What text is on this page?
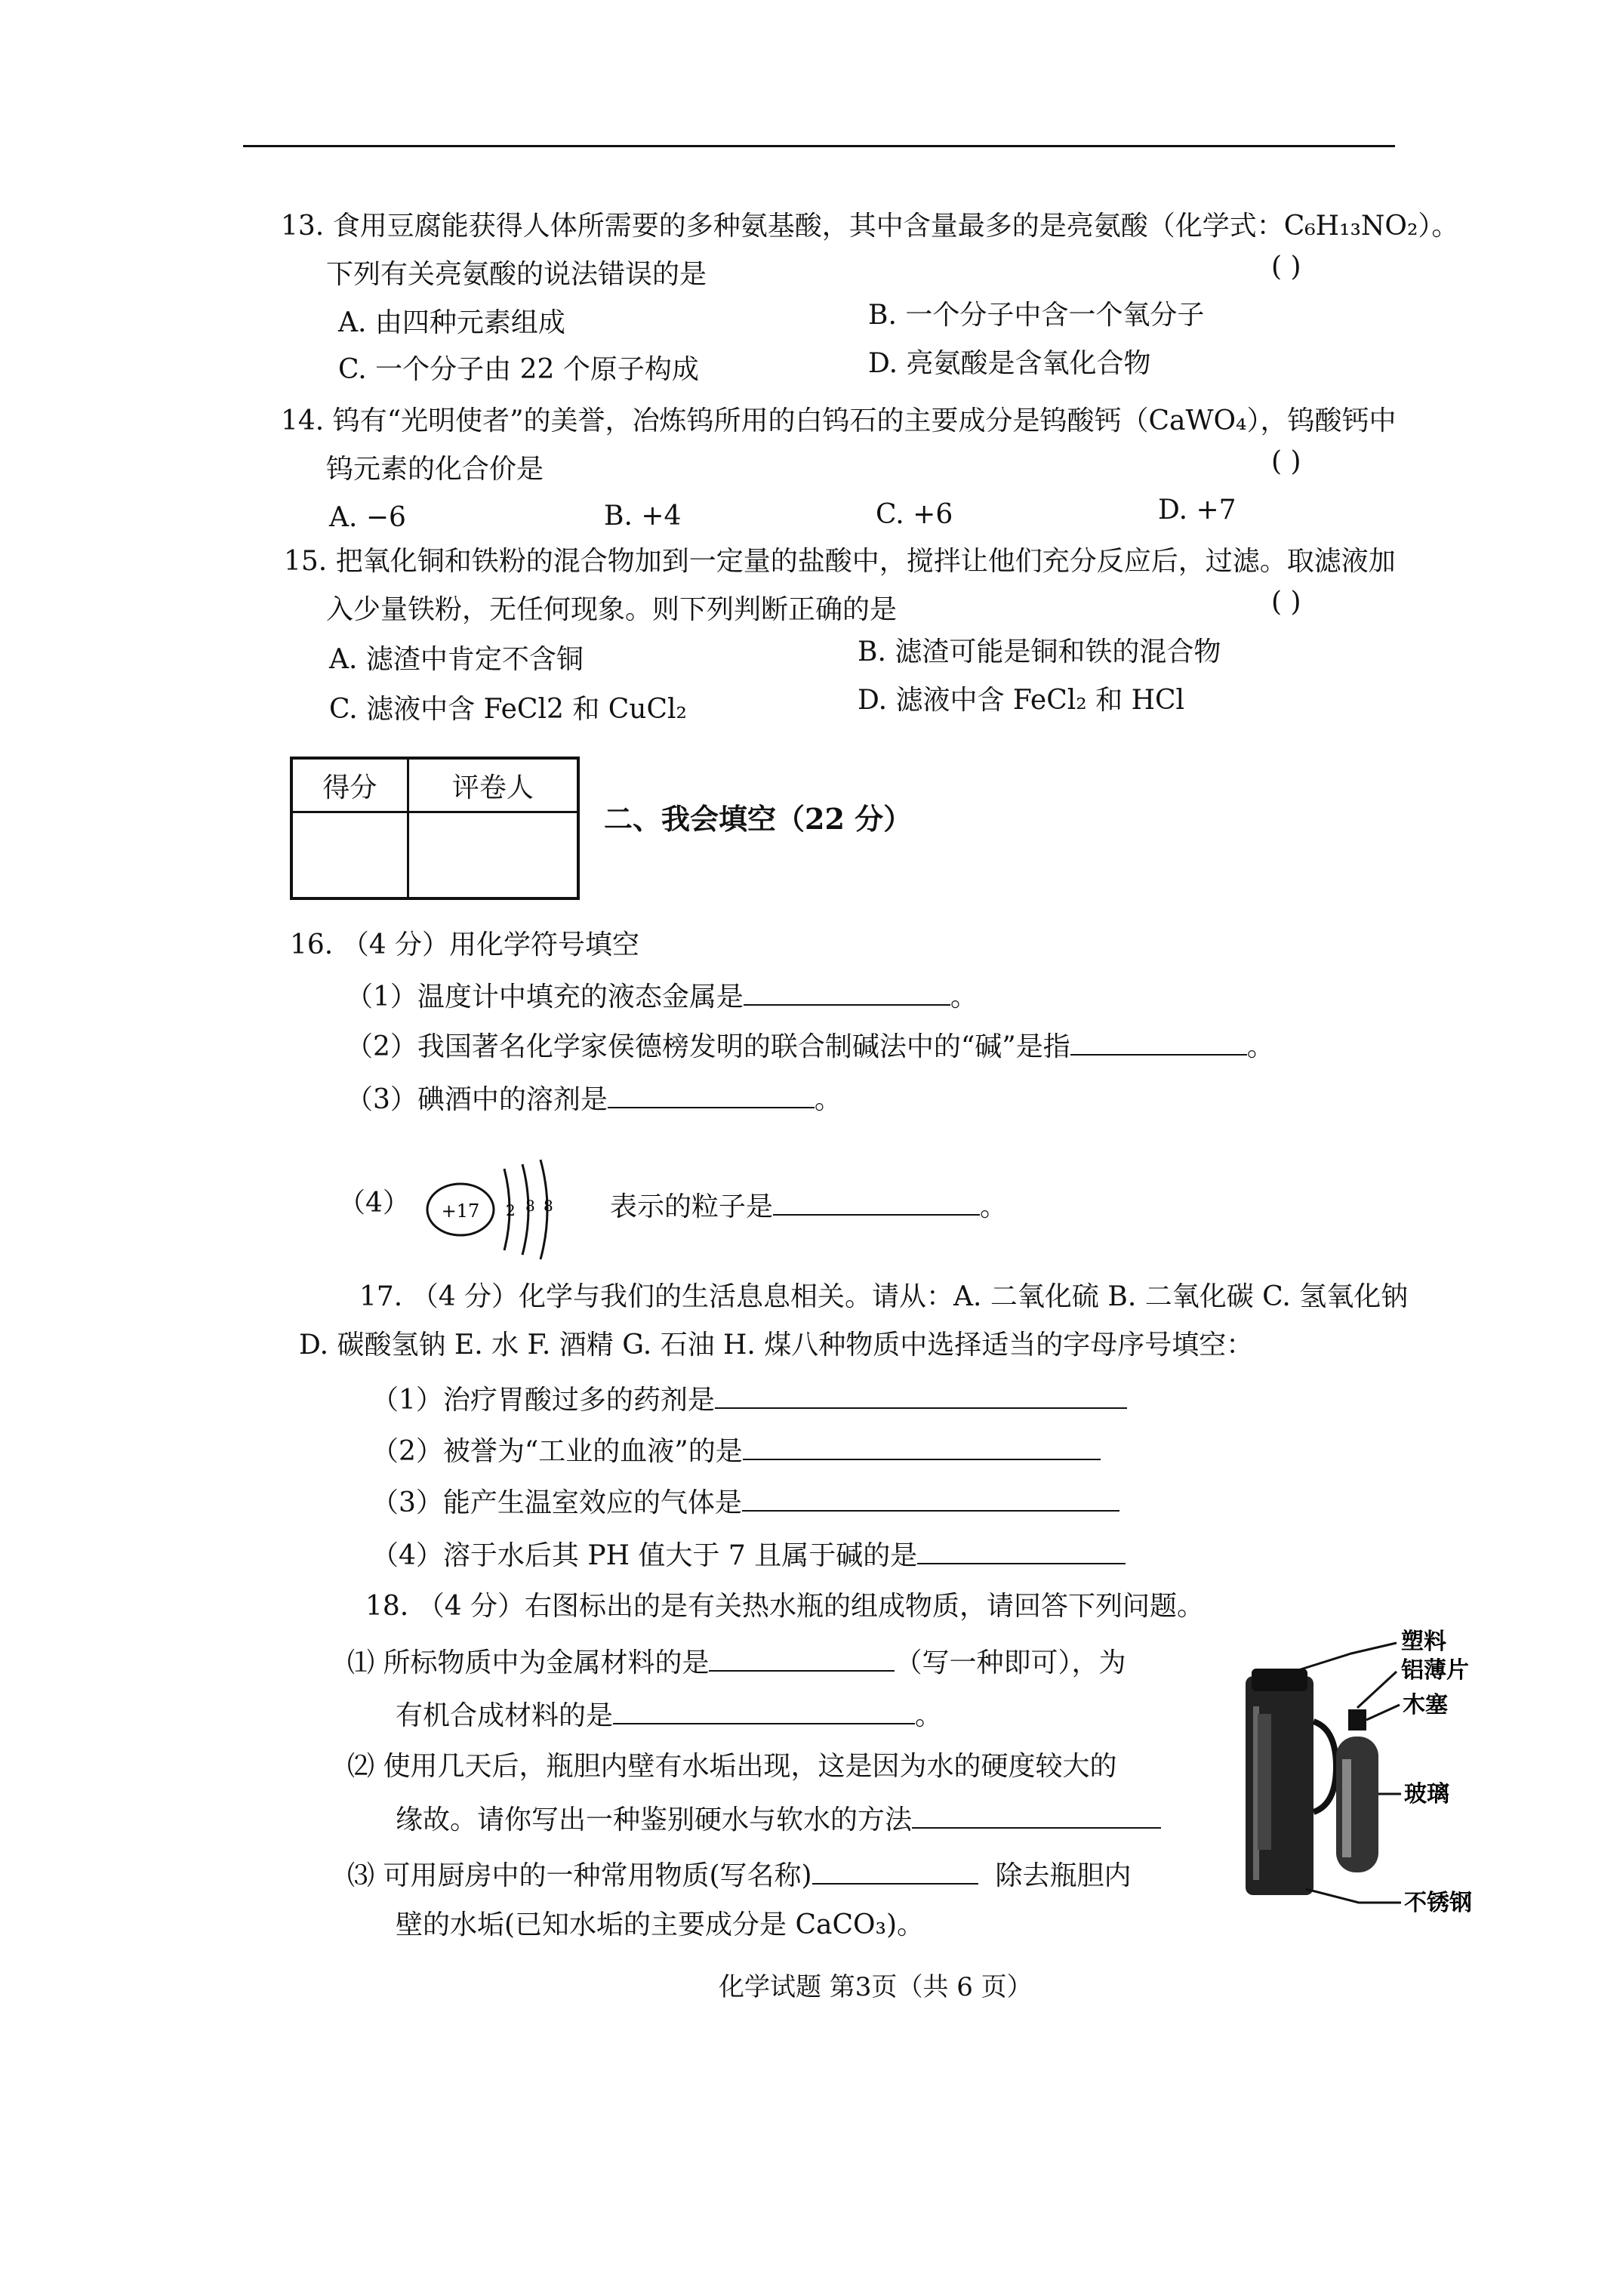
13. 食用豆腐能获得人体所需要的多种氨基酸，其中含量最多的是亮氨酸（化学式：C₆H₁₃NO₂）。
下列有关亮氨酸的说法错误的是	( )
A. 由四种元素组成	B. 一个分子中含一个氧分子
C. 一个分子由 22 个原子构成	D. 亮氨酸是含氧化合物
14. 钨有“光明使者”的美誉，冶炼钨所用的白钨石的主要成分是钨酸钙（CaWO₄），钨酸钙中
钨元素的化合价是	( )
A. −6	B. +4	C. +6	D. +7
15. 把氧化铜和铁粉的混合物加到一定量的盐酸中，搅拌让他们充分反应后，过滤。取滤液加
入少量铁粉，无任何现象。则下列判断正确的是	( )
A. 滤渣中肯定不含铜	B. 滤渣可能是铜和铁的混合物
C. 滤液中含 FeCl2 和 CuCl₂	D. 滤液中含 FeCl₂ 和 HCl
得分	评卷人

二、我会填空（22 分）
16. （4 分）用化学符号填空
（1）温度计中填充的液态金属是	。
（2）我国著名化学家侯德榜发明的联合制碱法中的“碱”是指	。
（3）碘酒中的溶剂是	。
（4） +17 2 8 8 表示的粒子是	。
17. （4 分）化学与我们的生活息息相关。请从：A. 二氧化硫 B. 二氧化碳 C. 氢氧化钠
D. 碳酸氢钠 E. 水 F. 酒精 G. 石油 H. 煤八种物质中选择适当的字母序号填空：
（1）治疗胃酸过多的药剂是
（2）被誉为“工业的血液”的是
（3）能产生温室效应的气体是
（4）溶于水后其 PH 值大于 7 且属于碱的是
18. （4 分）右图标出的是有关热水瓶的组成物质，请回答下列问题。
⑴ 所标物质中为金属材料的是	（写一种即可），为
有机合成材料的是	。
⑵ 使用几天后，瓶胆内壁有水垢出现，这是因为水的硬度较大的
缘故。请你写出一种鉴别硬水与软水的方法
⑶ 可用厨房中的一种常用物质(写名称)	除去瓶胆内
壁的水垢(已知水垢的主要成分是 CaCO₃)。
塑料
铝薄片
木塞
玻璃
不锈钢
化学试题 第3页（共 6 页）
